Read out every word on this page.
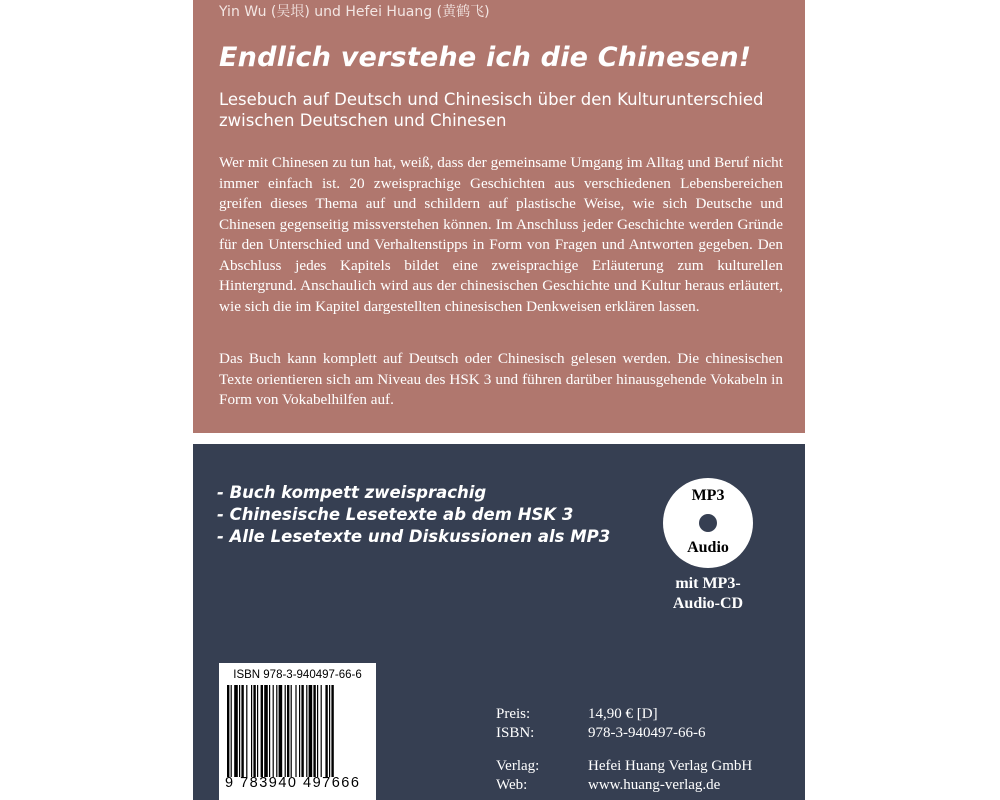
Yin Wu (吴垠) und Hefei Huang (黄鹤飞)
Endlich verstehe ich die Chinesen!

Lesebuch auf Deutsch und Chinesisch über den Kulturunterschied zwischen Deutschen und Chinesen

Wer mit Chinesen zu tun hat, weiß, dass der gemeinsame Umgang im Alltag und Beruf nicht immer einfach ist. 20 zweisprachige Geschichten aus verschiedenen Lebensbereichen greifen dieses Thema auf und schildern auf plastische Weise, wie sich Deutsche und Chinesen gegenseitig missverstehen können. Im Anschluss jeder Geschichte werden Gründe für den Unterschied und Verhaltenstipps in Form von Fragen und Antworten gegeben. Den Abschluss jedes Kapitels bildet eine zweisprachige Erläuterung zum kulturellen Hintergrund. Anschaulich wird aus der chinesischen Geschichte und Kultur heraus erläutert, wie sich die im Kapitel dargestellten chinesischen Denkweisen erklären lassen.

Das Buch kann komplett auf Deutsch oder Chinesisch gelesen werden. Die chinesischen Texte orientieren sich am Niveau des HSK 3 und führen darüber hinausgehende Vokabeln in Form von Vokabelhilfen auf.

- Buch kompett zweisprachig
- Chinesische Lesetexte ab dem HSK 3
- Alle Lesetexte und Diskussionen als MP3
MP3
Audio
mit MP3-
Audio-CD
ISBN 978-3-940497-66-6
9 783940 497666
Preis:	14,90 € [D]
ISBN:	978-3-940497-66-6
Verlag:	Hefei Huang Verlag GmbH
Web:	www.huang-verlag.de
